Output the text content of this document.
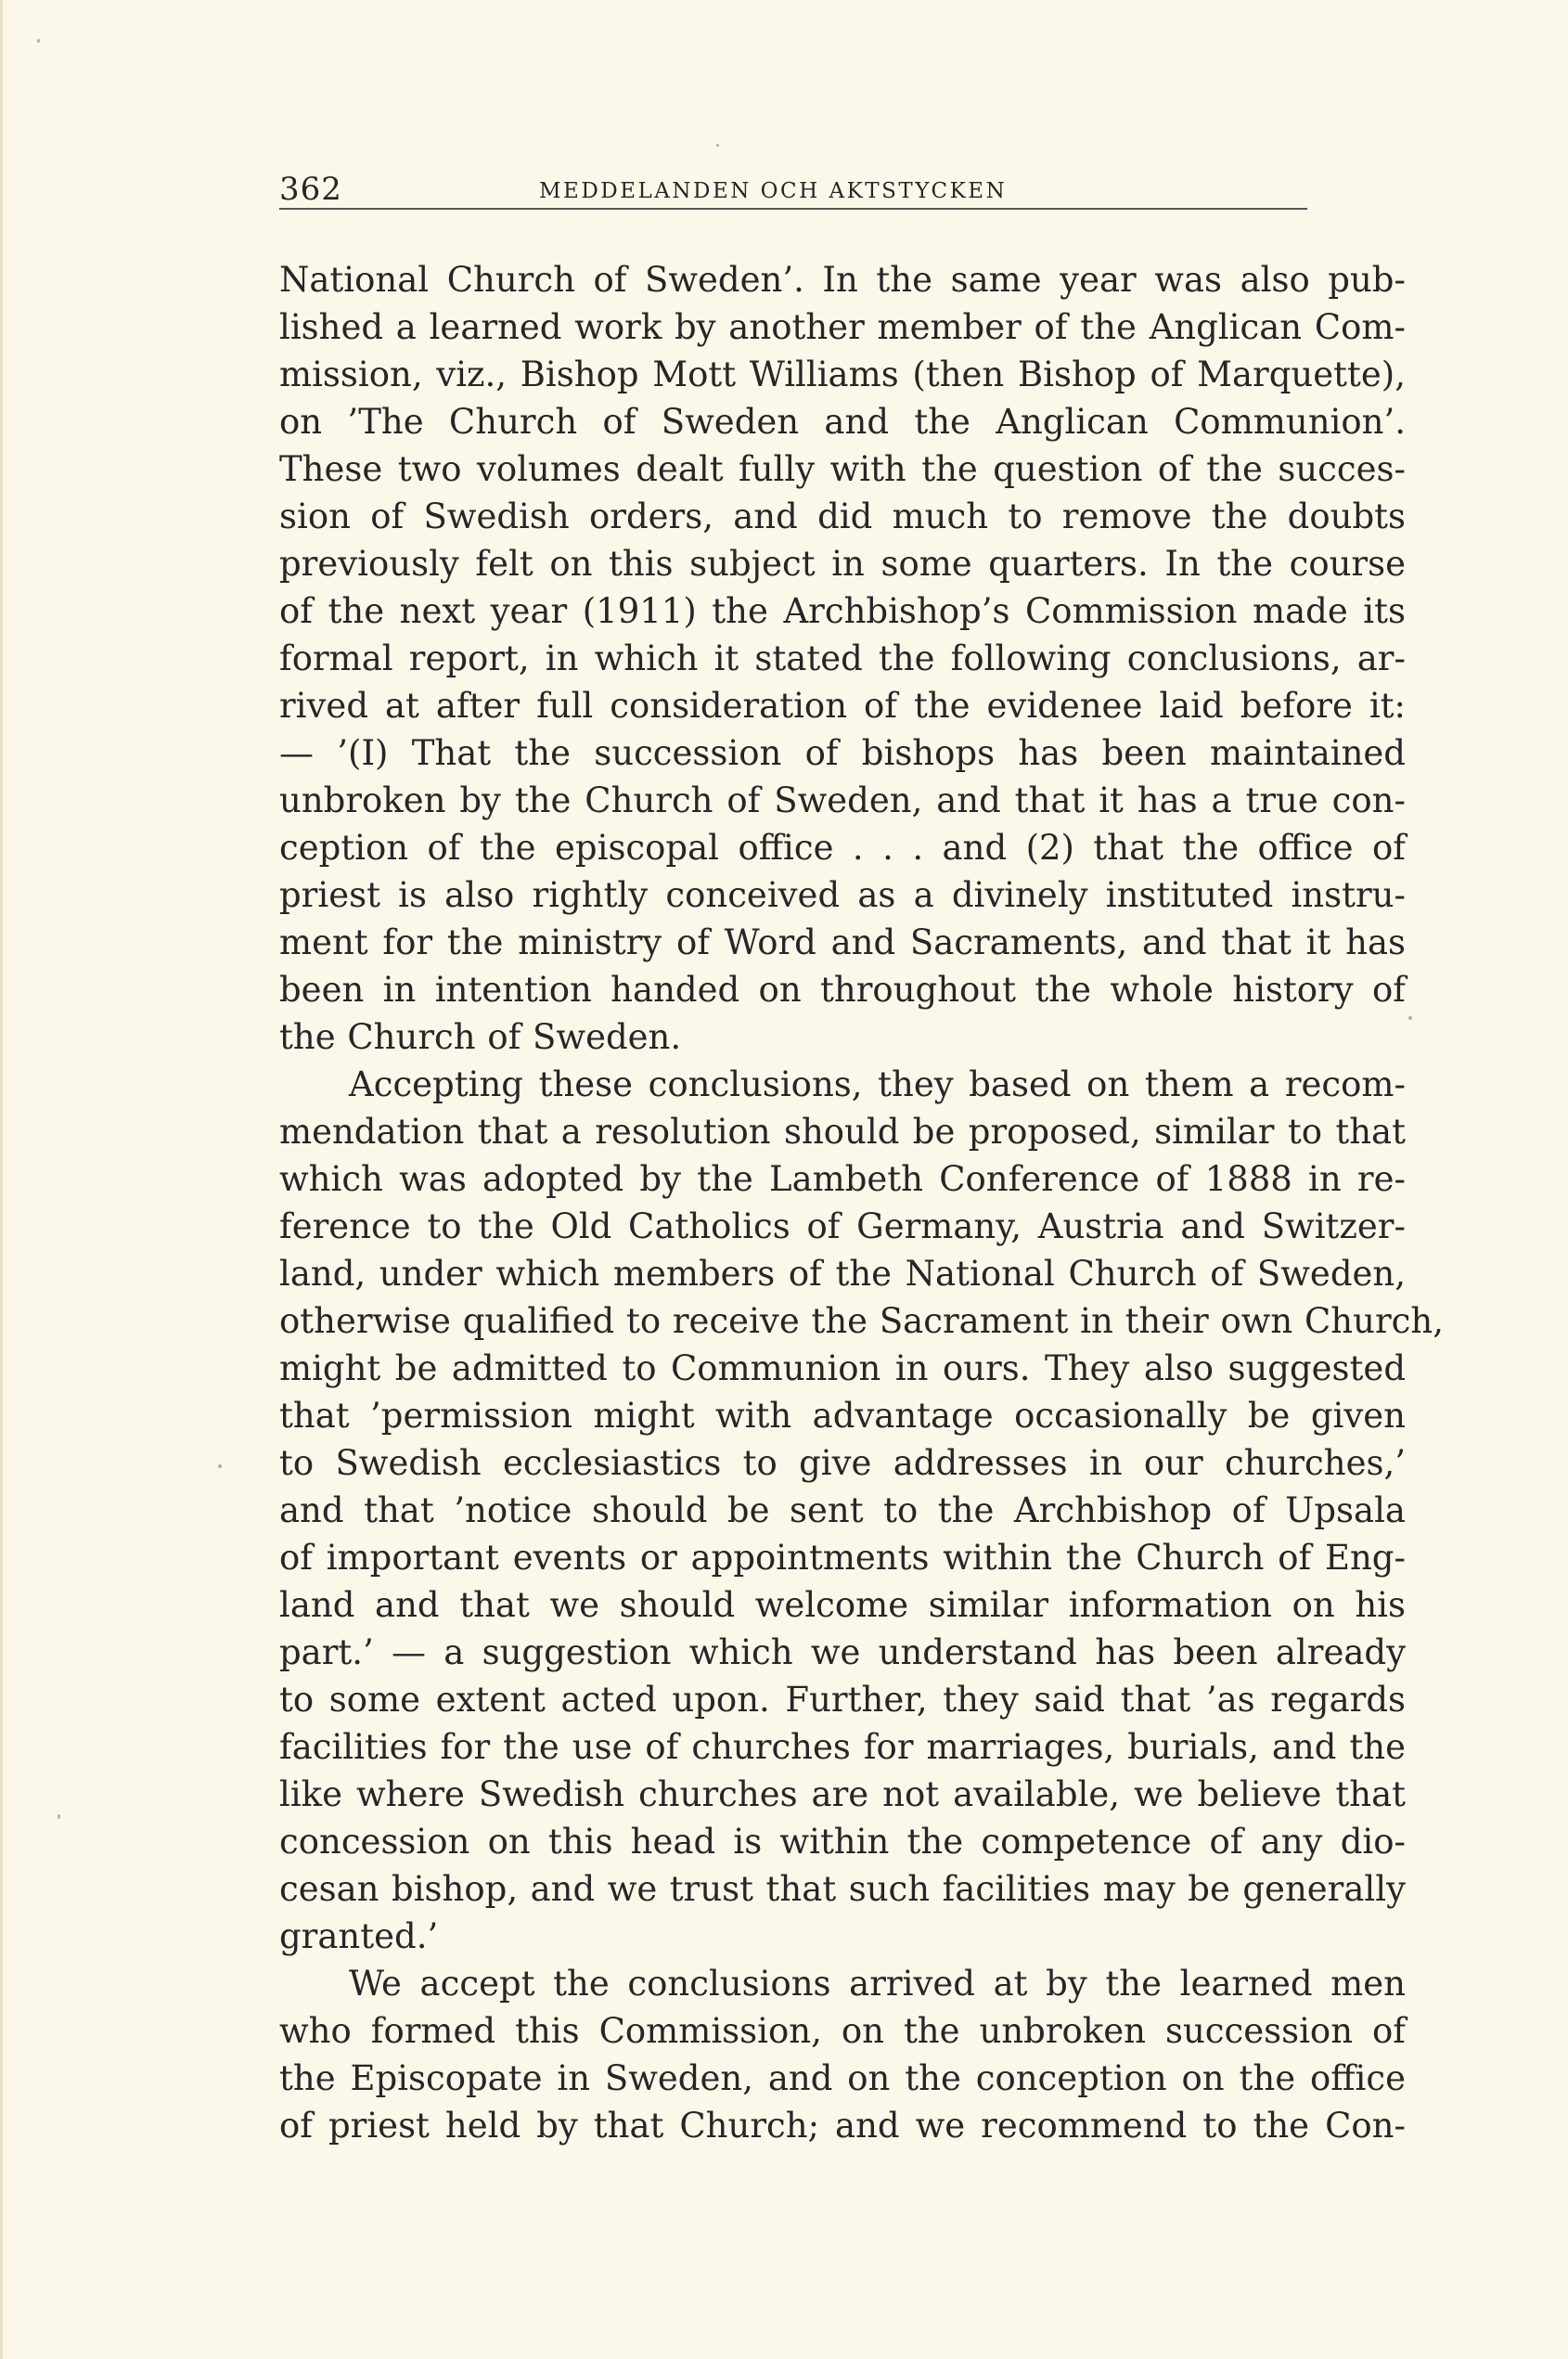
362	MEDDELANDEN OCH AKTSTYCKEN
National Church of Sweden’. In the same year was also pub-
lished a learned work by another member of the Anglican Com-
mission, viz., Bishop Mott Williams (then Bishop of Marquette),
on ’The Church of Sweden and the Anglican Communion’.
These two volumes dealt fully with the question of the succes-
sion of Swedish orders, and did much to remove the doubts
previously felt on this subject in some quarters. In the course
of the next year (1911) the Archbishop’s Commission made its
formal report, in which it stated the following conclusions, ar-
rived at after full consideration of the evidenee laid before it:
— ’(I) That the succession of bishops has been maintained
unbroken by the Church of Sweden, and that it has a true con-
ception of the episcopal office . . . and (2) that the office of
priest is also rightly conceived as a divinely instituted instru-
ment for the ministry of Word and Sacraments, and that it has
been in intention handed on throughout the whole history of
the Church of Sweden.
Accepting these conclusions, they based on them a recom-
mendation that a resolution should be proposed, similar to that
which was adopted by the Lambeth Conference of 1888 in re-
ference to the Old Catholics of Germany, Austria and Switzer-
land, under which members of the National Church of Sweden,
otherwise qualified to receive the Sacrament in their own Church,
might be admitted to Communion in ours. They also suggested
that ’permission might with advantage occasionally be given
to Swedish ecclesiastics to give addresses in our churches,’
and that ’notice should be sent to the Archbishop of Upsala
of important events or appointments within the Church of Eng-
land and that we should welcome similar information on his
part.’ — a suggestion which we understand has been already
to some extent acted upon. Further, they said that ’as regards
facilities for the use of churches for marriages, burials, and the
like where Swedish churches are not available, we believe that
concession on this head is within the competence of any dio-
cesan bishop, and we trust that such facilities may be generally
granted.’
We accept the conclusions arrived at by the learned men
who formed this Commission, on the unbroken succession of
the Episcopate in Sweden, and on the conception on the office
of priest held by that Church; and we recommend to the Con-
